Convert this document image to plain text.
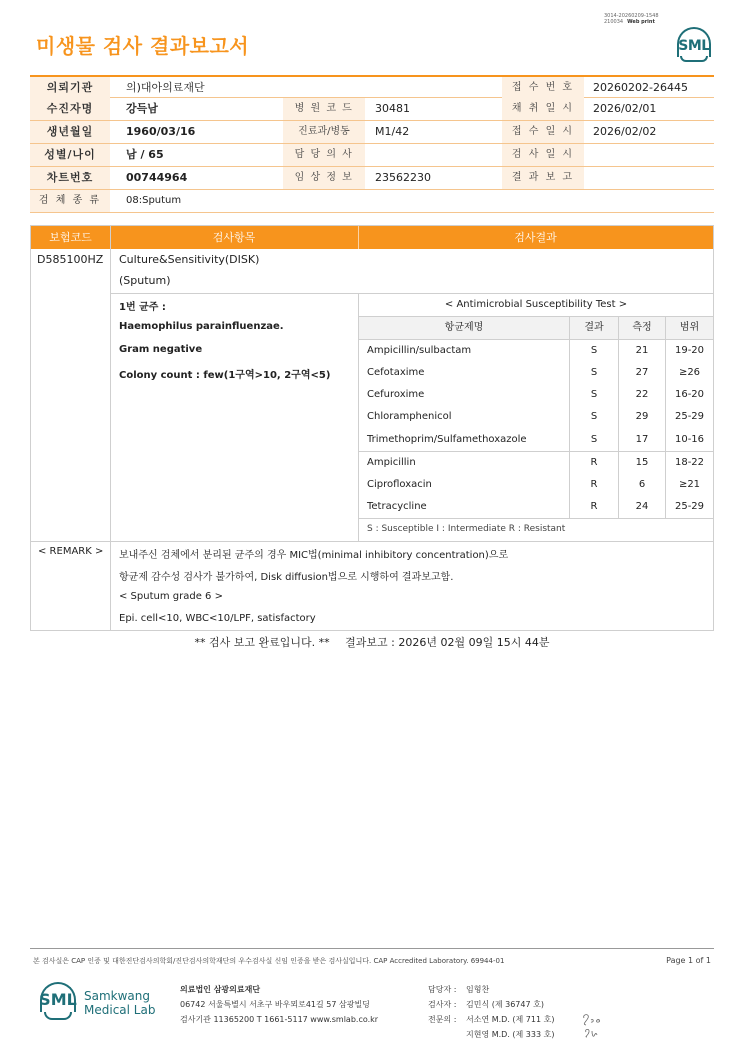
3014-20260209-1548
210034 Web print
SML
미생물 검사 결과보고서
의뢰기관	의)대아의료재단	접 수 번 호	20260202-26445
수진자명	강득남	병 원 코 드	30481	채 취 일 시	2026/02/01
생년월일	1960/03/16	진료과/병동	M1/42	접 수 일 시	2026/02/02
성별/나이	남 / 65	담 당 의 사	검 사 일 시
차트번호	00744964	임 상 정 보	23562230	결 과 보 고
검 체 종 류	08:Sputum
보험코드	검사항목	검사결과
D585100HZ Culture&Sensitivity(DISK)
(Sputum)
1번 균주 :
Haemophilus parainfluenzae.
Gram negative
Colony count : few(1구역>10, 2구역<5)
< Antimicrobial Susceptibility Test >
항균제명	결과	측정	범위
Ampicillin/sulbactam	S	21	19-20
Cefotaxime	S	27	≥26
Cefuroxime	S	22	16-20
Chloramphenicol	S	29	25-29
Trimethoprim/Sulfamethoxazole	S	17	10-16
Ampicillin	R	15	18-22
Ciprofloxacin	R	6	≥21
Tetracycline	R	24	25-29
S : Susceptible I : Intermediate R : Resistant
< REMARK > 보내주신 검체에서 분리된 균주의 경우 MIC법(minimal inhibitory concentration)으로
항균제 감수성 검사가 불가하여, Disk diffusion법으로 시행하여 결과보고함.
< Sputum grade 6 >
Epi. cell<10, WBC<10/LPF, satisfactory
** 검사 보고 완료입니다. ** 결과보고 : 2026년 02월 09일 15시 44분
본 검사실은 CAP 인증 및 대한진단검사의학회/진단검사의학재단의 우수검사실 신임 인증을 받은 검사실입니다. CAP Accredited Laboratory. 69944-01	Page 1 of 1
SML Samkwang
Medical Lab
의료법인 삼광의료재단
06742 서울특별시 서초구 바우뫼로41길 57 삼광빌딩
검사기관 11365200 T 1661-5117 www.smlab.co.kr
담당자 : 임형찬
검사자 : 김민식 (제 36747 호)
전문의 : 서소연 M.D. (제 711 호)
지현영 M.D. (제 333 호)
